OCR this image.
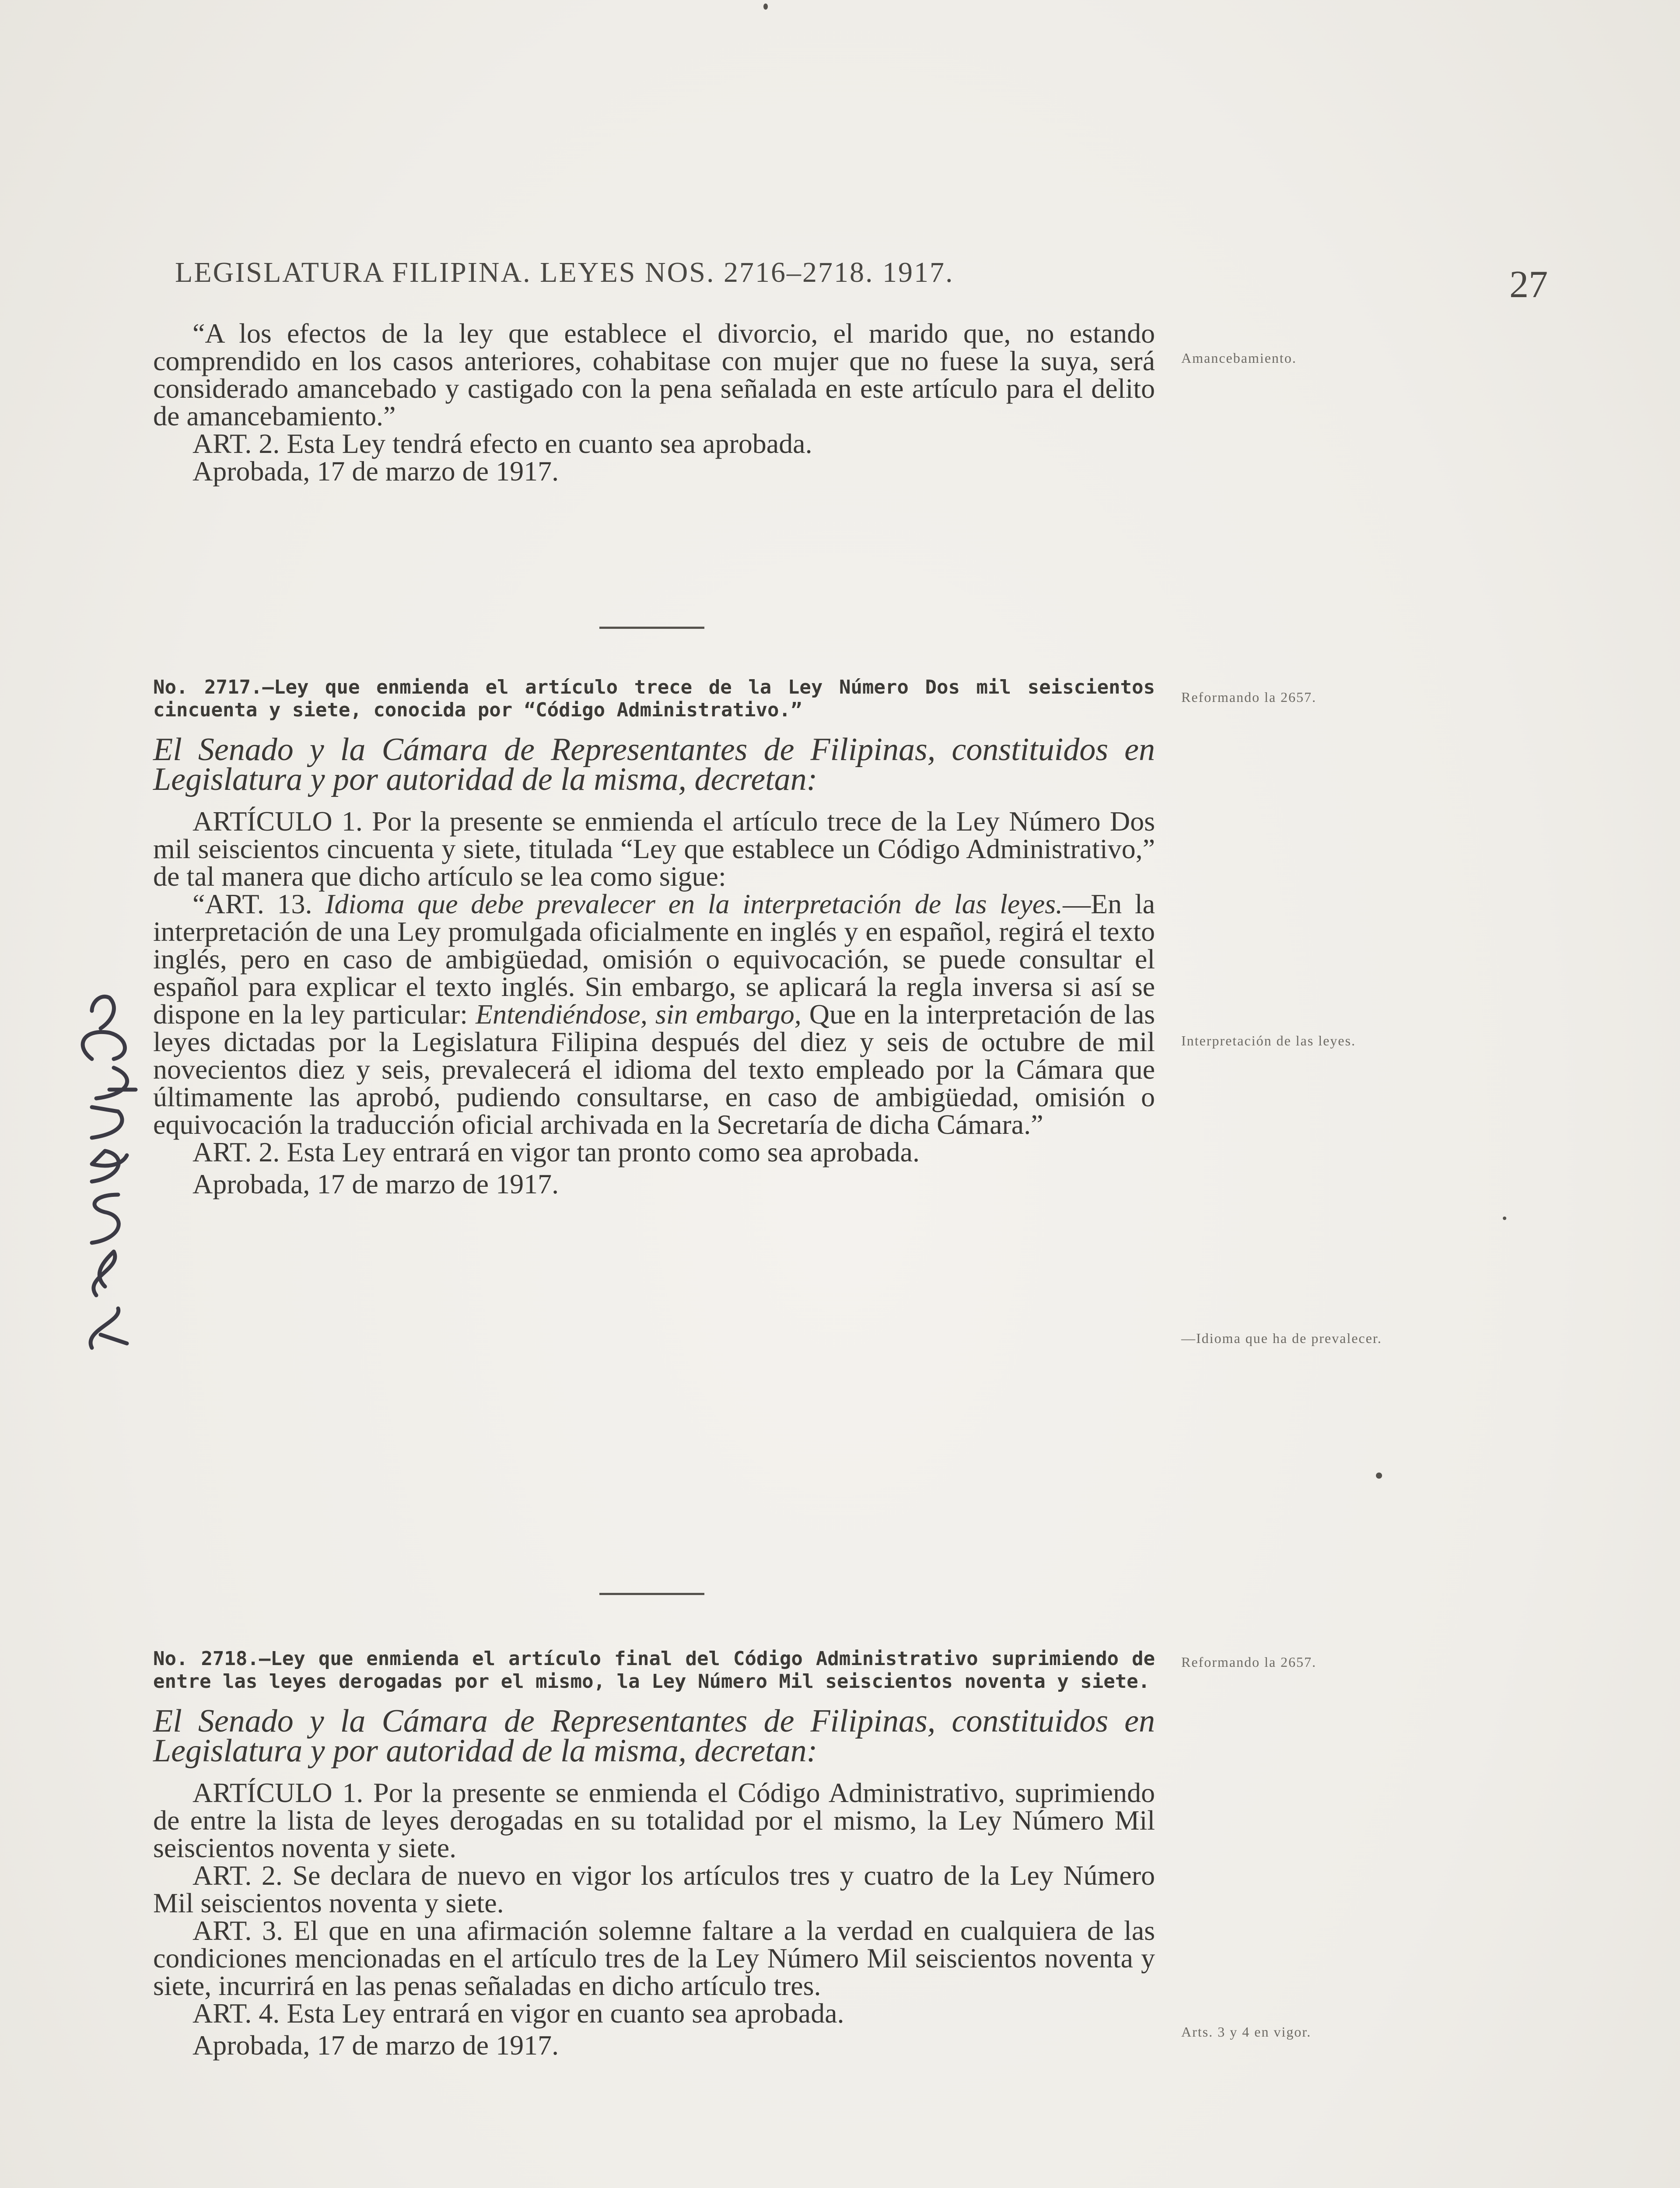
LEGISLATURA FILIPINA. LEYES NOS. 2716–2718. 1917.	27

“A los efectos de la ley que establece el divorcio, el marido que, no estando comprendido en los casos anteriores, cohabitase con mujer que no fuese la suya, será considerado amancebado y castigado con la pena señalada en este artículo para el delito de amancebamiento.”

ART. 2. Esta Ley tendrá efecto en cuanto sea aprobada.

Aprobada, 17 de marzo de 1917.

Amancebamiento.

No. 2717.—Ley que enmienda el artículo trece de la Ley Número Dos mil seiscientos cincuenta y siete, conocida por “Código Administrativo.”

El Senado y la Cámara de Representantes de Filipinas, constituidos en Legislatura y por autoridad de la misma, decretan:

ARTÍCULO 1. Por la presente se enmienda el artículo trece de la Ley Número Dos mil seiscientos cincuenta y siete, titulada “Ley que establece un Código Administrativo,” de tal manera que dicho artículo se lea como sigue:

“ART. 13. Idioma que debe prevalecer en la interpretación de las leyes.—En la interpretación de una Ley promulgada oficialmente en inglés y en español, regirá el texto inglés, pero en caso de ambigüedad, omisión o equivocación, se puede consultar el español para explicar el texto inglés. Sin embargo, se aplicará la regla inversa si así se dispone en la ley particular: Entendiéndose, sin embargo, Que en la interpretación de las leyes dictadas por la Legislatura Filipina después del diez y seis de octubre de mil novecientos diez y seis, prevalecerá el idioma del texto empleado por la Cámara que últimamente las aprobó, pudiendo consultarse, en caso de ambigüedad, omisión o equivocación la traducción oficial archivada en la Secretaría de dicha Cámara.”

ART. 2. Esta Ley entrará en vigor tan pronto como sea aprobada.

Aprobada, 17 de marzo de 1917.

Reformando la 2657.
Interpretación de las leyes.
—Idioma que ha de prevalecer.

No. 2718.—Ley que enmienda el artículo final del Código Administrativo suprimiendo de entre las leyes derogadas por el mismo, la Ley Número Mil seiscientos noventa y siete.

El Senado y la Cámara de Representantes de Filipinas, constituidos en Legislatura y por autoridad de la misma, decretan:

ARTÍCULO 1. Por la presente se enmienda el Código Administrativo, suprimiendo de entre la lista de leyes derogadas en su totalidad por el mismo, la Ley Número Mil seiscientos noventa y siete.

ART. 2. Se declara de nuevo en vigor los artículos tres y cuatro de la Ley Número Mil seiscientos noventa y siete.

ART. 3. El que en una afirmación solemne faltare a la verdad en cualquiera de las condiciones mencionadas en el artículo tres de la Ley Número Mil seiscientos noventa y siete, incurrirá en las penas señaladas en dicho artículo tres.

ART. 4. Esta Ley entrará en vigor en cuanto sea aprobada.

Aprobada, 17 de marzo de 1917.

Reformando la 2657.
Arts. 3 y 4 en vigor.
